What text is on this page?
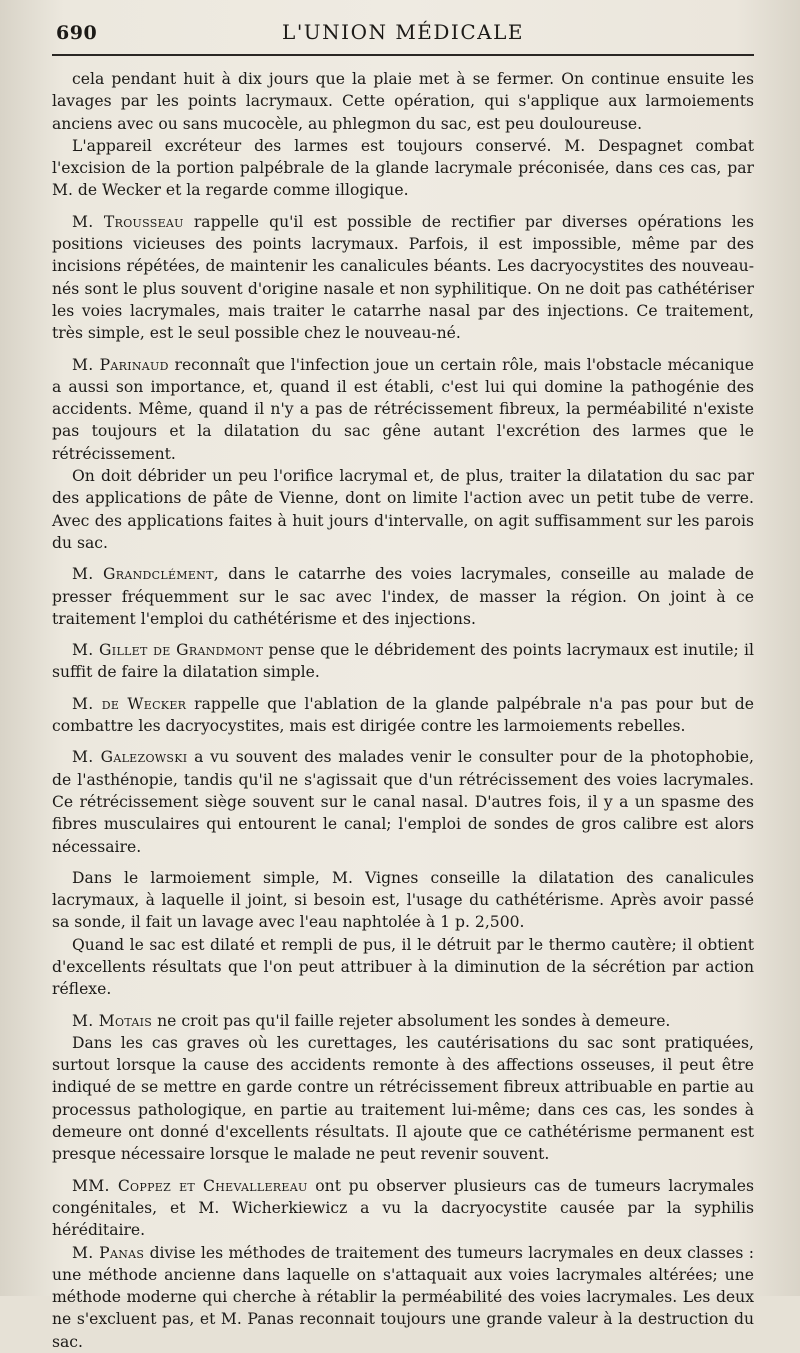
690	L'UNION MÉDICALE

cela pendant huit à dix jours que la plaie met à se fermer. On continue ensuite les lavages par les points lacrymaux. Cette opération, qui s'applique aux larmoiements anciens avec ou sans mucocèle, au phlegmon du sac, est peu douloureuse.

L'appareil excréteur des larmes est toujours conservé. M. Despagnet combat l'excision de la portion palpébrale de la glande lacrymale préconisée, dans ces cas, par M. de Wecker et la regarde comme illogique.

M. Trousseau rappelle qu'il est possible de rectifier par diverses opérations les positions vicieuses des points lacrymaux. Parfois, il est impossible, même par des incisions répétées, de maintenir les canalicules béants. Les dacryocystites des nouveau-nés sont le plus souvent d'origine nasale et non syphilitique. On ne doit pas cathétériser les voies lacrymales, mais traiter le catarrhe nasal par des injections. Ce traitement, très simple, est le seul possible chez le nouveau-né.

M. Parinaud reconnaît que l'infection joue un certain rôle, mais l'obstacle mécanique a aussi son importance, et, quand il est établi, c'est lui qui domine la pathogénie des accidents. Même, quand il n'y a pas de rétrécissement fibreux, la perméabilité n'existe pas toujours et la dilatation du sac gêne autant l'excrétion des larmes que le rétrécissement.

On doit débrider un peu l'orifice lacrymal et, de plus, traiter la dilatation du sac par des applications de pâte de Vienne, dont on limite l'action avec un petit tube de verre. Avec des applications faites à huit jours d'intervalle, on agit suffisamment sur les parois du sac.

M. Grandclément, dans le catarrhe des voies lacrymales, conseille au malade de presser fréquemment sur le sac avec l'index, de masser la région. On joint à ce traitement l'emploi du cathétérisme et des injections.

M. Gillet de Grandmont pense que le débridement des points lacrymaux est inutile; il suffit de faire la dilatation simple.

M. de Wecker rappelle que l'ablation de la glande palpébrale n'a pas pour but de combattre les dacryocystites, mais est dirigée contre les larmoiements rebelles.

M. Galezowski a vu souvent des malades venir le consulter pour de la photophobie, de l'asthénopie, tandis qu'il ne s'agissait que d'un rétrécissement des voies lacrymales. Ce rétrécissement siège souvent sur le canal nasal. D'autres fois, il y a un spasme des fibres musculaires qui entourent le canal; l'emploi de sondes de gros calibre est alors nécessaire.

Dans le larmoiement simple, M. Vignes conseille la dilatation des canalicules lacrymaux, à laquelle il joint, si besoin est, l'usage du cathétérisme. Après avoir passé sa sonde, il fait un lavage avec l'eau naphtolée à 1 p. 2,500.

Quand le sac est dilaté et rempli de pus, il le détruit par le thermo cautère; il obtient d'excellents résultats que l'on peut attribuer à la diminution de la sécrétion par action réflexe.

M. Motais ne croit pas qu'il faille rejeter absolument les sondes à demeure.

Dans les cas graves où les curettages, les cautérisations du sac sont pratiquées, surtout lorsque la cause des accidents remonte à des affections osseuses, il peut être indiqué de se mettre en garde contre un rétrécissement fibreux attribuable en partie au processus pathologique, en partie au traitement lui-même; dans ces cas, les sondes à demeure ont donné d'excellents résultats. Il ajoute que ce cathétérisme permanent est presque nécessaire lorsque le malade ne peut revenir souvent.

MM. Coppez et Chevallereau ont pu observer plusieurs cas de tumeurs lacrymales congénitales, et M. Wicherkiewicz a vu la dacryocystite causée par la syphilis héréditaire.

M. Panas divise les méthodes de traitement des tumeurs lacrymales en deux classes : une méthode ancienne dans laquelle on s'attaquait aux voies lacrymales altérées; une méthode moderne qui cherche à rétablir la perméabilité des voies lacrymales. Les deux ne s'excluent pas, et M. Panas reconnait toujours une grande valeur à la destruction du sac.
